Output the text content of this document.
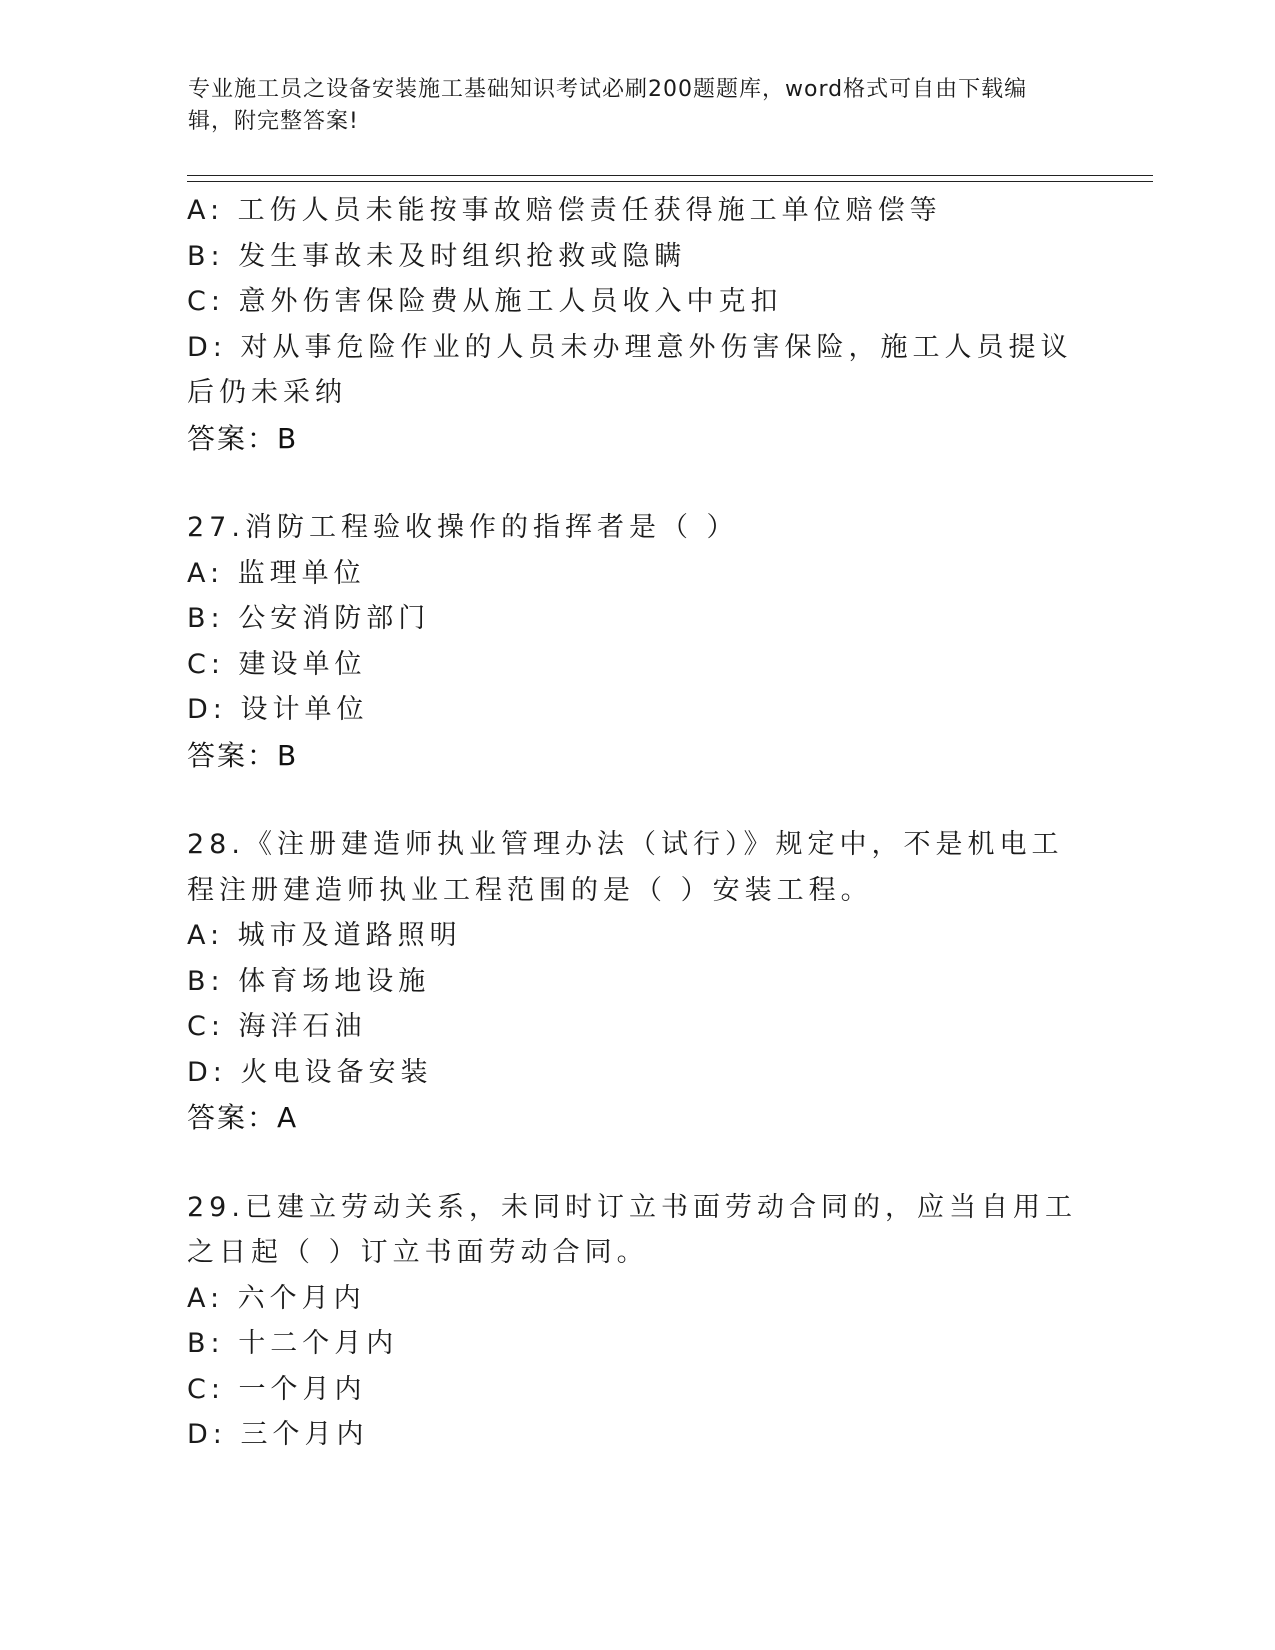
专业施工员之设备安装施工基础知识考试必刷200题题库，word格式可自由下载编辑，附完整答案!

A: 工伤人员未能按事故赔偿责任获得施工单位赔偿等

B: 发生事故未及时组织抢救或隐瞒

C: 意外伤害保险费从施工人员收入中克扣

D: 对从事危险作业的人员未办理意外伤害保险，施工人员提议后仍未采纳

答案：B

27.消防工程验收操作的指挥者是（ ）

A: 监理单位

B: 公安消防部门

C: 建设单位

D: 设计单位

答案：B

28.《注册建造师执业管理办法（试行）》规定中，不是机电工程注册建造师执业工程范围的是（ ）安装工程。

A: 城市及道路照明

B: 体育场地设施

C: 海洋石油

D: 火电设备安装

答案：A

29.已建立劳动关系，未同时订立书面劳动合同的，应当自用工之日起（ ）订立书面劳动合同。

A: 六个月内

B: 十二个月内

C: 一个月内

D: 三个月内
